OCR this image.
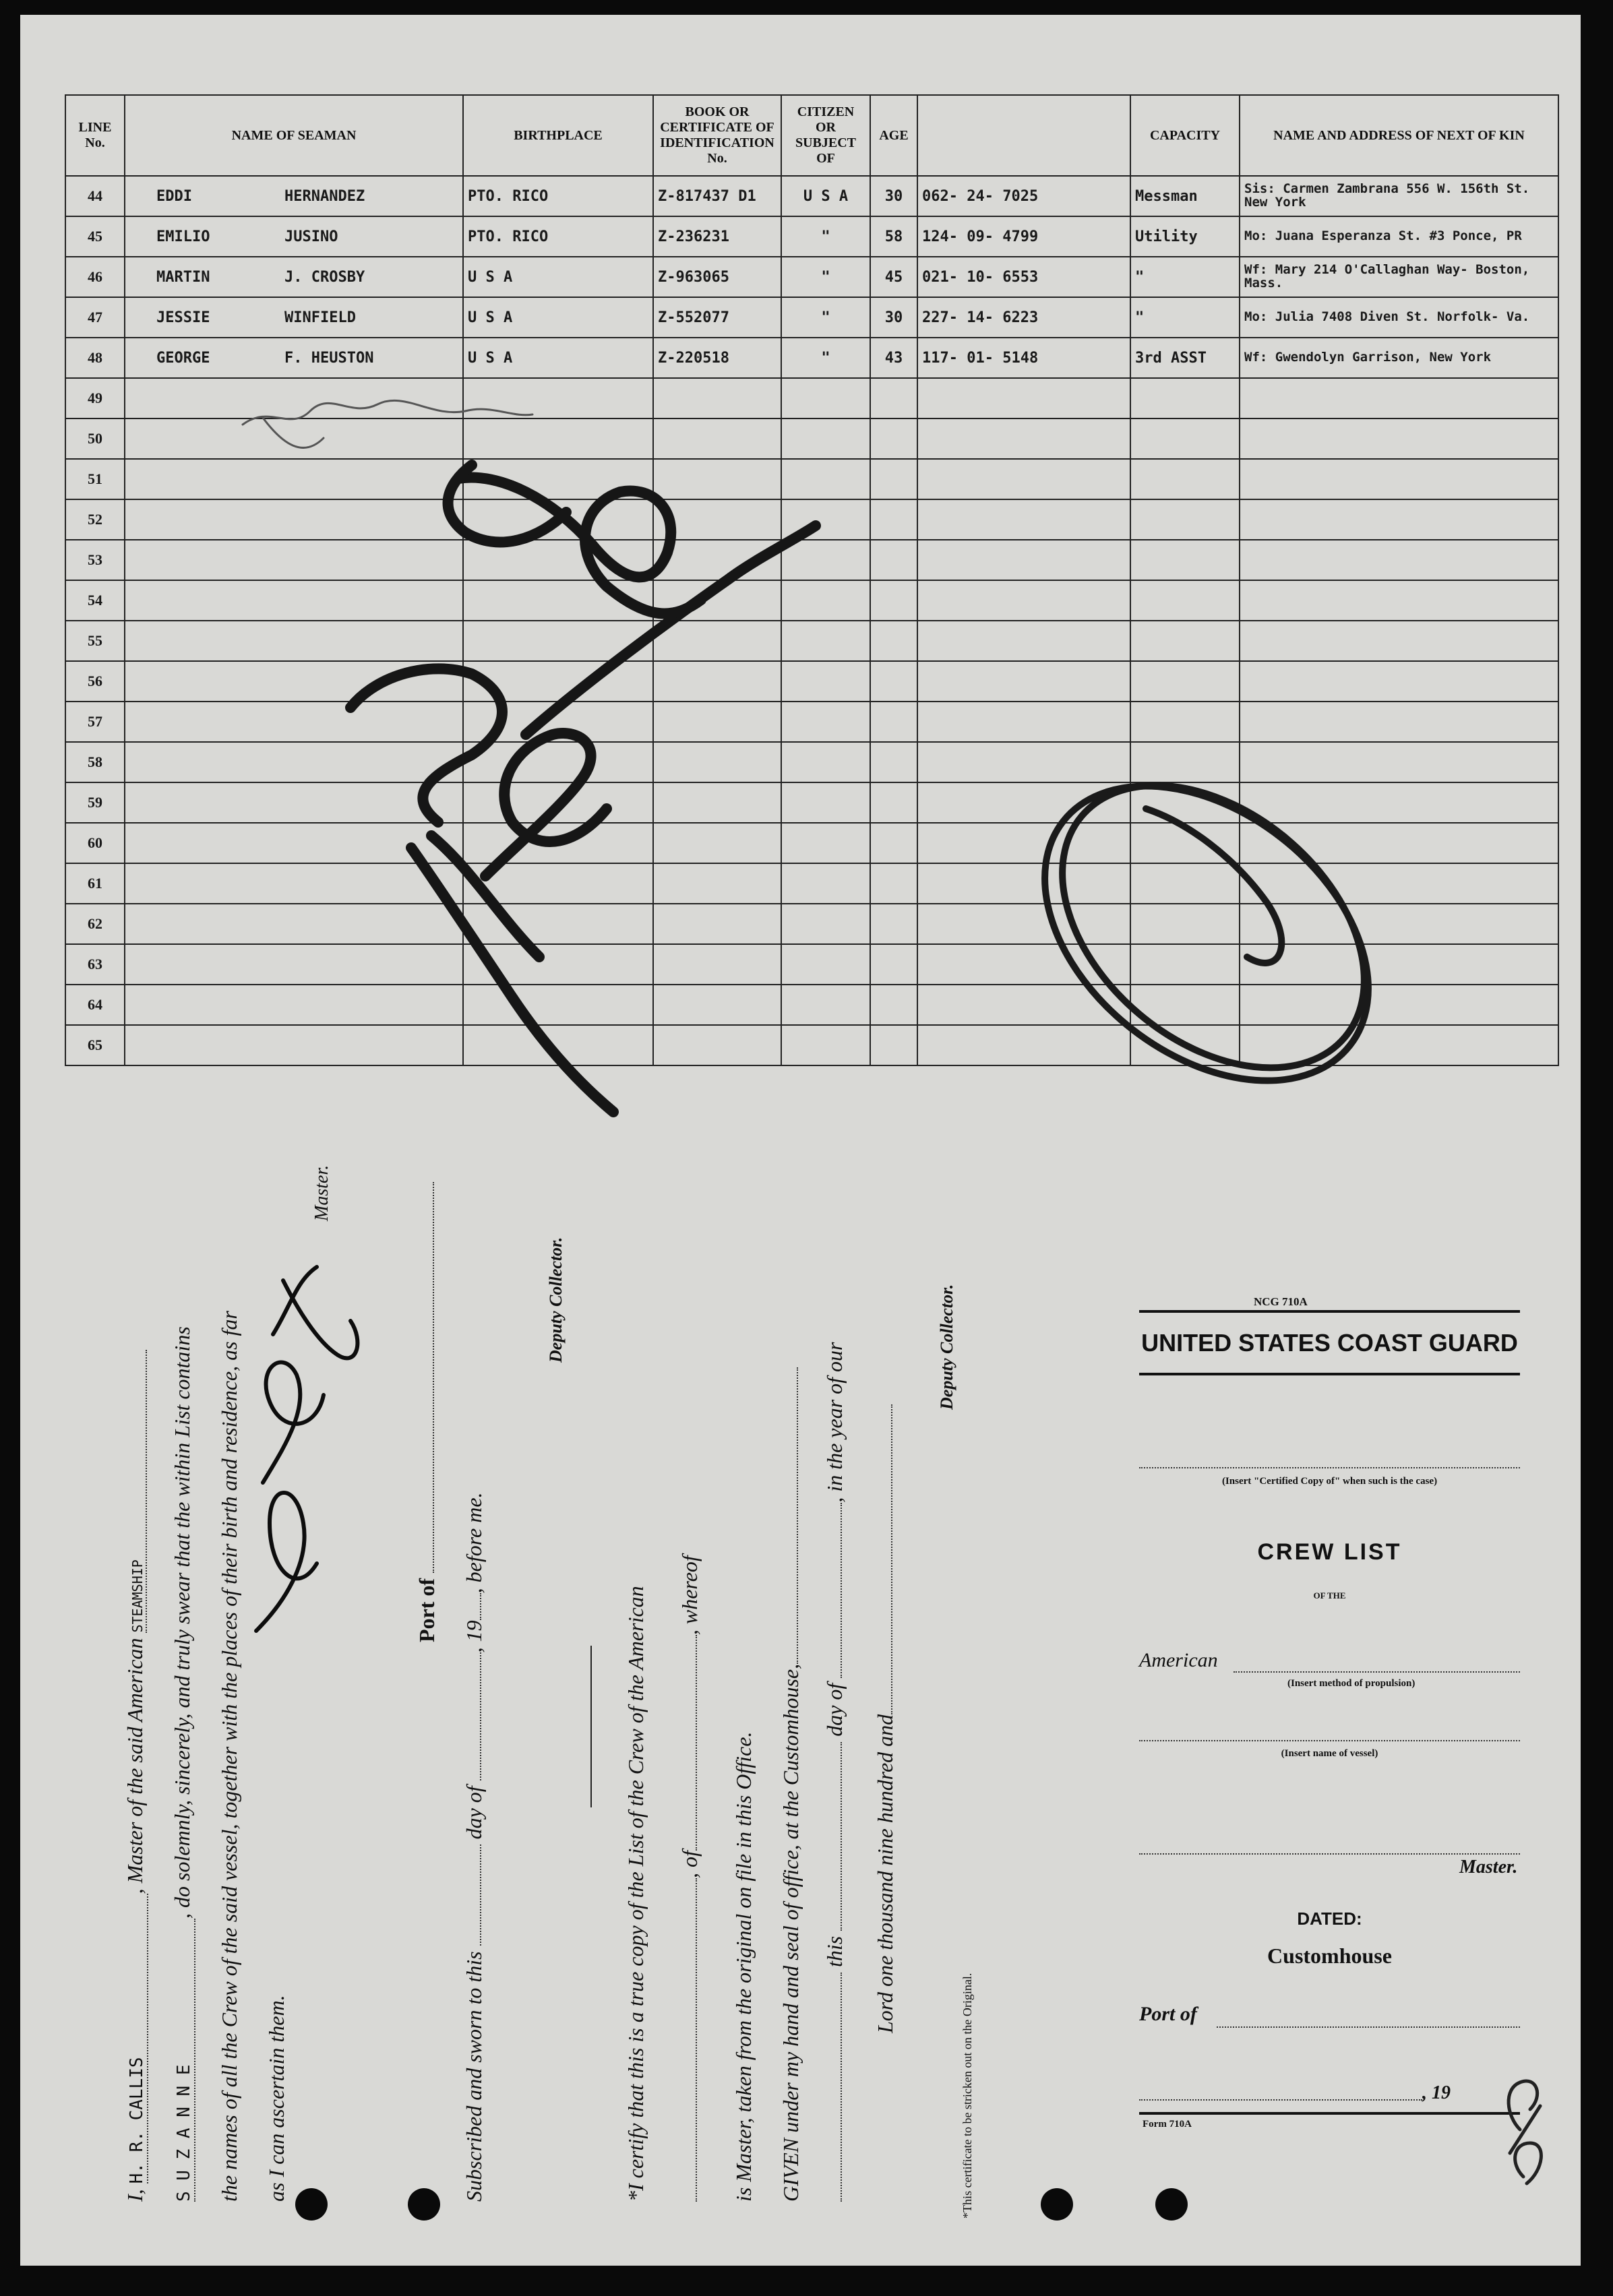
LINE No.	NAME OF SEAMAN	BIRTHPLACE	BOOK OR CERTIFICATE OF IDENTIFICATION No.	CITIZEN OR SUBJECT OF	AGE		CAPACITY	NAME AND ADDRESS OF NEXT OF KIN
44	EDDI HERNANDEZ	PTO. RICO	Z-817437 D1	U S A	30	062- 24- 7025	Messman	Sis: Carmen Zambrana 556 W. 156th St. New York
45	EMILIO JUSINO	PTO. RICO	Z-236231	"	58	124- 09- 4799	Utility	Mo: Juana Esperanza St. #3 Ponce, PR
46	MARTIN J. CROSBY	U S A	Z-963065	"	45	021- 10- 6553	"	Wf: Mary 214 O'Callaghan Way- Boston, Mass.
47	JESSIE WINFIELD	U S A	Z-552077	"	30	227- 14- 6223	"	Mo: Julia 7408 Diven St. Norfolk- Va.
48	GEORGE F. HEUSTON	U S A	Z-220518	"	43	117- 01- 5148	3rd ASST	Wf: Gwendolyn Garrison, New York
49								
50								
51								
52								
53								
54								
55								
56								
57								
58								
59								
60								
61								
62								
63								
64								
65								
I, H. R. CALLIS, Master of the said American STEAMSHIP
S U Z A N N E, do solemnly, sincerely, and truly swear that the within List contains the names of all the Crew of the said vessel, together with the places of their birth and residence, as far as I can ascertain them.
Master.
Port of
Subscribed and sworn to this  day of , 19, before me.
Deputy Collector.
*I certify that this is a true copy of the List of the Crew of the American , of, whereof
is Master, taken from the original on file in this Office. GIVEN under my hand and seal of office, at the Customhouse, this  day of , in the year of our
Lord one thousand nine hundred and
Deputy Collector.
*This certificate to be stricken out on the Original.
NCG 710A
UNITED STATES COAST GUARD
(Insert "Certified Copy of" when such is the case)
CREW LIST
OF THE
American
(Insert method of propulsion)
(Insert name of vessel)
Master.
DATED:
Customhouse
Port of
, 19
Form 710A
